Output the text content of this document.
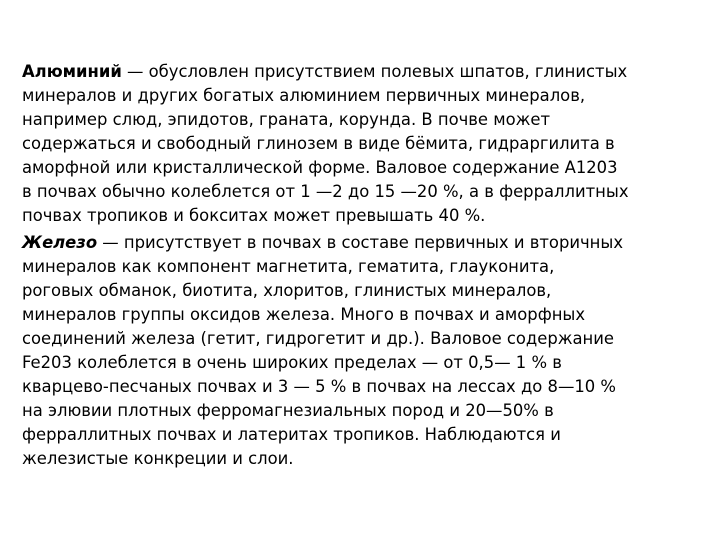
Алюминий — обусловлен присутствием полевых шпатов, глинистых
минералов и других богатых алюминием первичных минералов,
например слюд, эпидотов, граната, корунда. В почве может
содержаться и свободный глинозем в виде бёмита, гидраргилита в
аморфной или кристаллической форме. Валовое содержание А1203
в почвах обычно колеблется от 1 —2 до 15 —20 %, а в ферраллитных
почвах тропиков и бокситах может превышать 40 %.
Железо — присутствует в почвах в составе первичных и вторичных
минералов как компонент магнетита, гематита, глауконита,
роговых обманок, биотита, хлоритов, глинистых минералов,
минералов группы оксидов железа. Много в почвах и аморфных
соединений железа (гетит, гидрогетит и др.). Валовое содержание
Fe203 колеблется в очень широких пределах — от 0,5— 1 % в
кварцево-песчаных почвах и 3 — 5 % в почвах на лессах до 8—10 %
на элювии плотных ферромагнезиальных пород и 20—50% в
ферраллитных почвах и латеритах тропиков. Наблюдаются и
железистые конкреции и слои.
